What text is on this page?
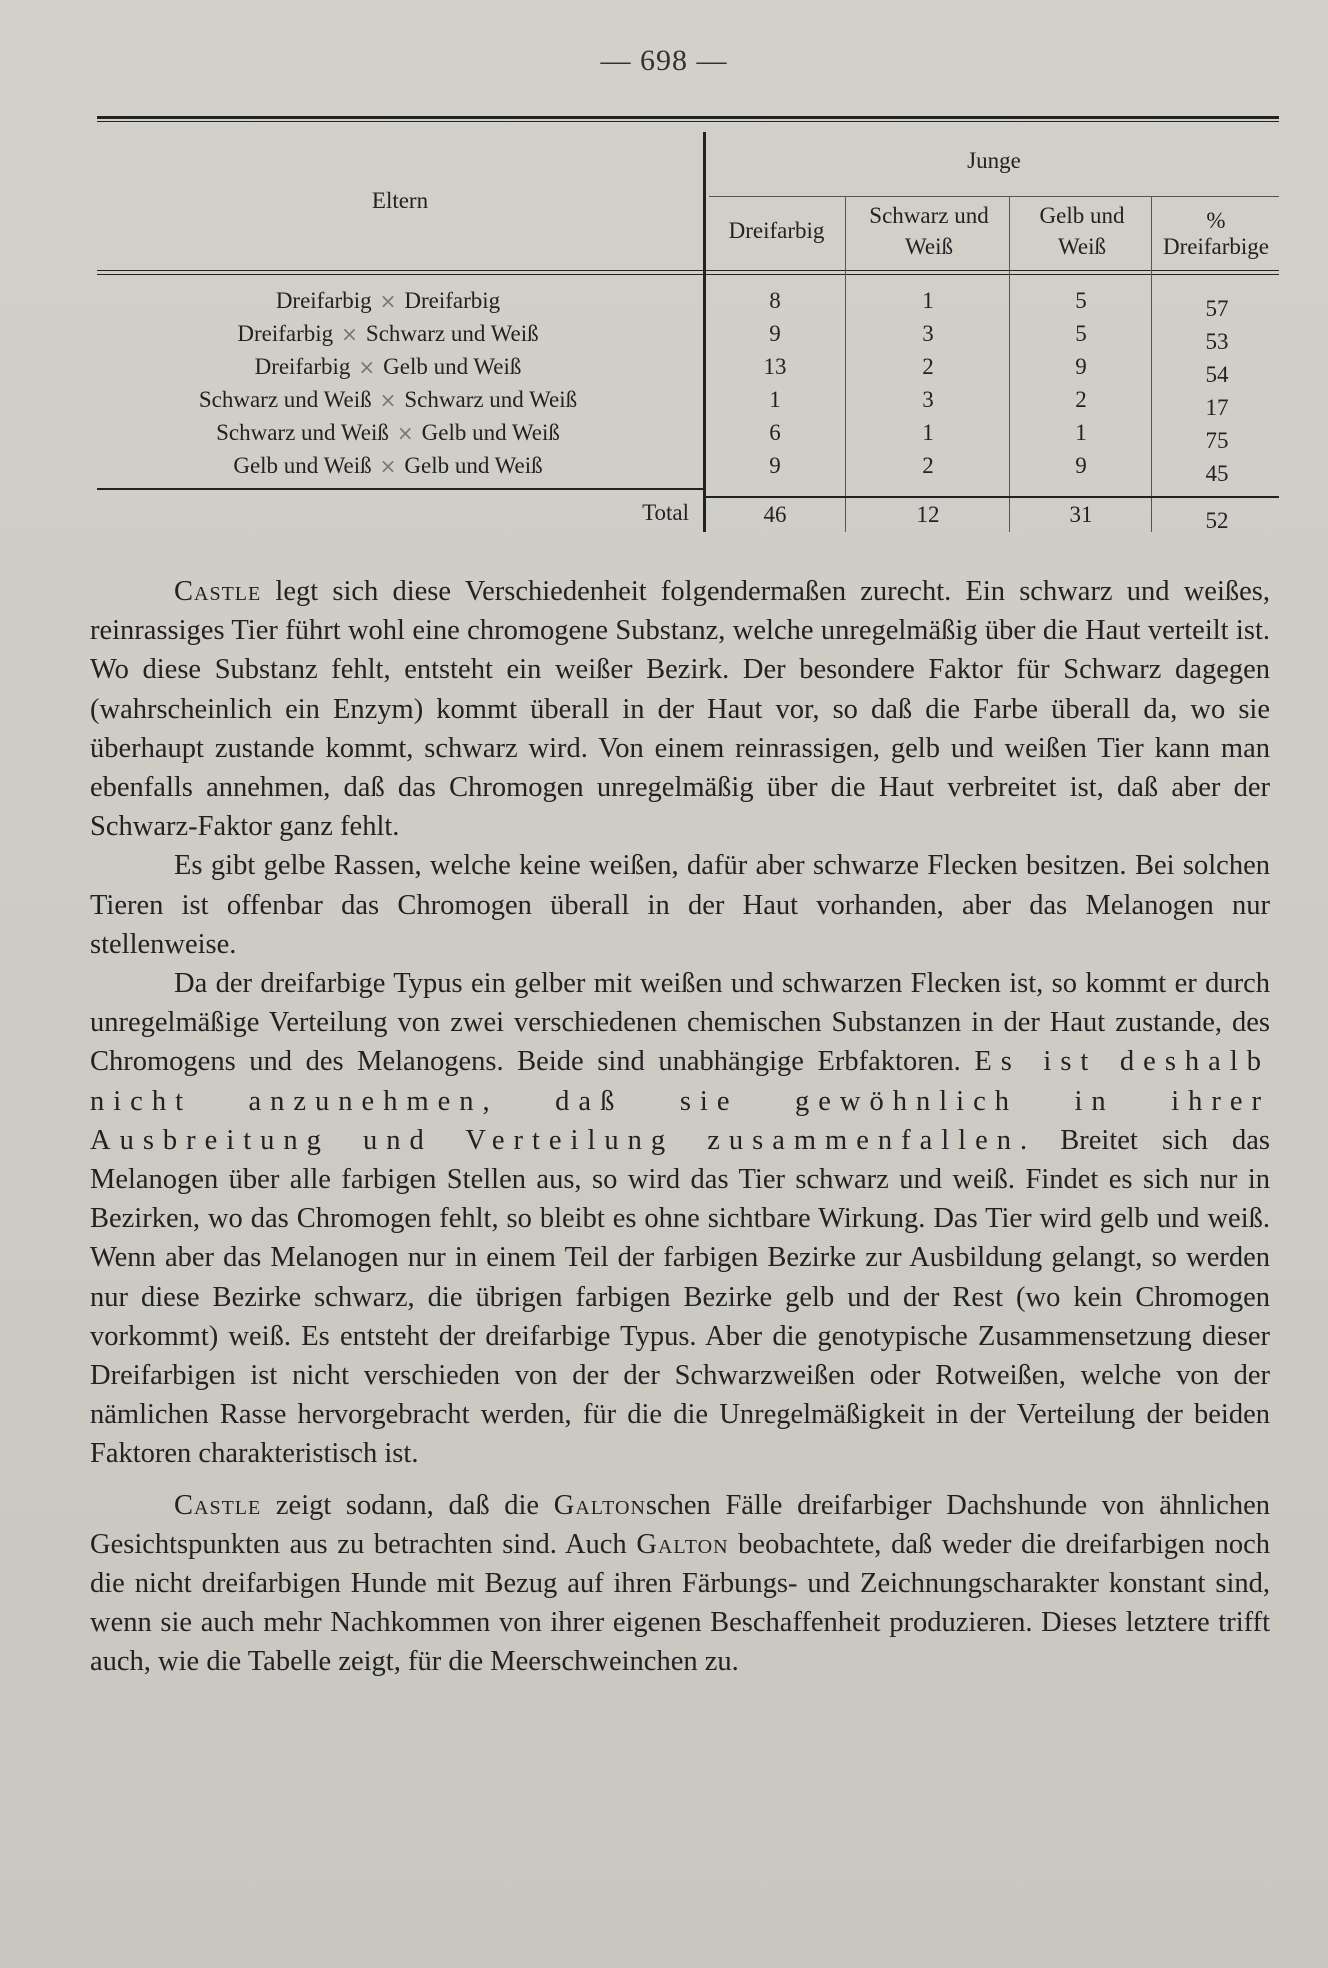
— 698 —
Eltern
Junge
Dreifarbig
Schwarz und Weiß
Gelb und Weiß
%
Dreifarbige
Dreifarbig × Dreifarbig	8	1	5	57
Dreifarbig × Schwarz und Weiß	9	3	5	53
Dreifarbig × Gelb und Weiß	13	2	9	54
Schwarz und Weiß × Schwarz und Weiß	1	3	2	17
Schwarz und Weiß × Gelb und Weiß	6	1	1	75
Gelb und Weiß × Gelb und Weiß	9	2	9	45
Total	46	12	31	52

Castle legt sich diese Verschiedenheit folgendermaßen zurecht. Ein schwarz und weißes, reinrassiges Tier führt wohl eine chromogene Substanz, welche unregelmäßig über die Haut verteilt ist. Wo diese Substanz fehlt, entsteht ein weißer Bezirk. Der besondere Faktor für Schwarz dagegen (wahrscheinlich ein Enzym) kommt überall in der Haut vor, so daß die Farbe überall da, wo sie überhaupt zustande kommt, schwarz wird. Von einem reinrassigen, gelb und weißen Tier kann man ebenfalls annehmen, daß das Chromogen unregelmäßig über die Haut verbreitet ist, daß aber der Schwarz-Faktor ganz fehlt.

Es gibt gelbe Rassen, welche keine weißen, dafür aber schwarze Flecken besitzen. Bei solchen Tieren ist offenbar das Chromogen überall in der Haut vorhanden, aber das Melanogen nur stellenweise.

Da der dreifarbige Typus ein gelber mit weißen und schwarzen Flecken ist, so kommt er durch unregelmäßige Verteilung von zwei verschiedenen chemischen Substanzen in der Haut zustande, des Chromogens und des Melanogens. Beide sind unabhängige Erbfaktoren. Es ist deshalb nicht anzunehmen, daß sie gewöhnlich in ihrer Ausbreitung und Verteilung zusammenfallen. Breitet sich das Melanogen über alle farbigen Stellen aus, so wird das Tier schwarz und weiß. Findet es sich nur in Bezirken, wo das Chromogen fehlt, so bleibt es ohne sichtbare Wirkung. Das Tier wird gelb und weiß. Wenn aber das Melanogen nur in einem Teil der farbigen Bezirke zur Ausbildung gelangt, so werden nur diese Bezirke schwarz, die übrigen farbigen Bezirke gelb und der Rest (wo kein Chromogen vorkommt) weiß. Es entsteht der dreifarbige Typus. Aber die genotypische Zusammensetzung dieser Dreifarbigen ist nicht verschieden von der der Schwarzweißen oder Rotweißen, welche von der nämlichen Rasse hervorgebracht werden, für die die Unregelmäßigkeit in der Verteilung der beiden Faktoren charakteristisch ist.

Castle zeigt sodann, daß die Galtonschen Fälle dreifarbiger Dachshunde von ähnlichen Gesichtspunkten aus zu betrachten sind. Auch Galton beobachtete, daß weder die dreifarbigen noch die nicht dreifarbigen Hunde mit Bezug auf ihren Färbungs- und Zeichnungscharakter konstant sind, wenn sie auch mehr Nachkommen von ihrer eigenen Beschaffenheit produzieren. Dieses letztere trifft auch, wie die Tabelle zeigt, für die Meerschweinchen zu.
